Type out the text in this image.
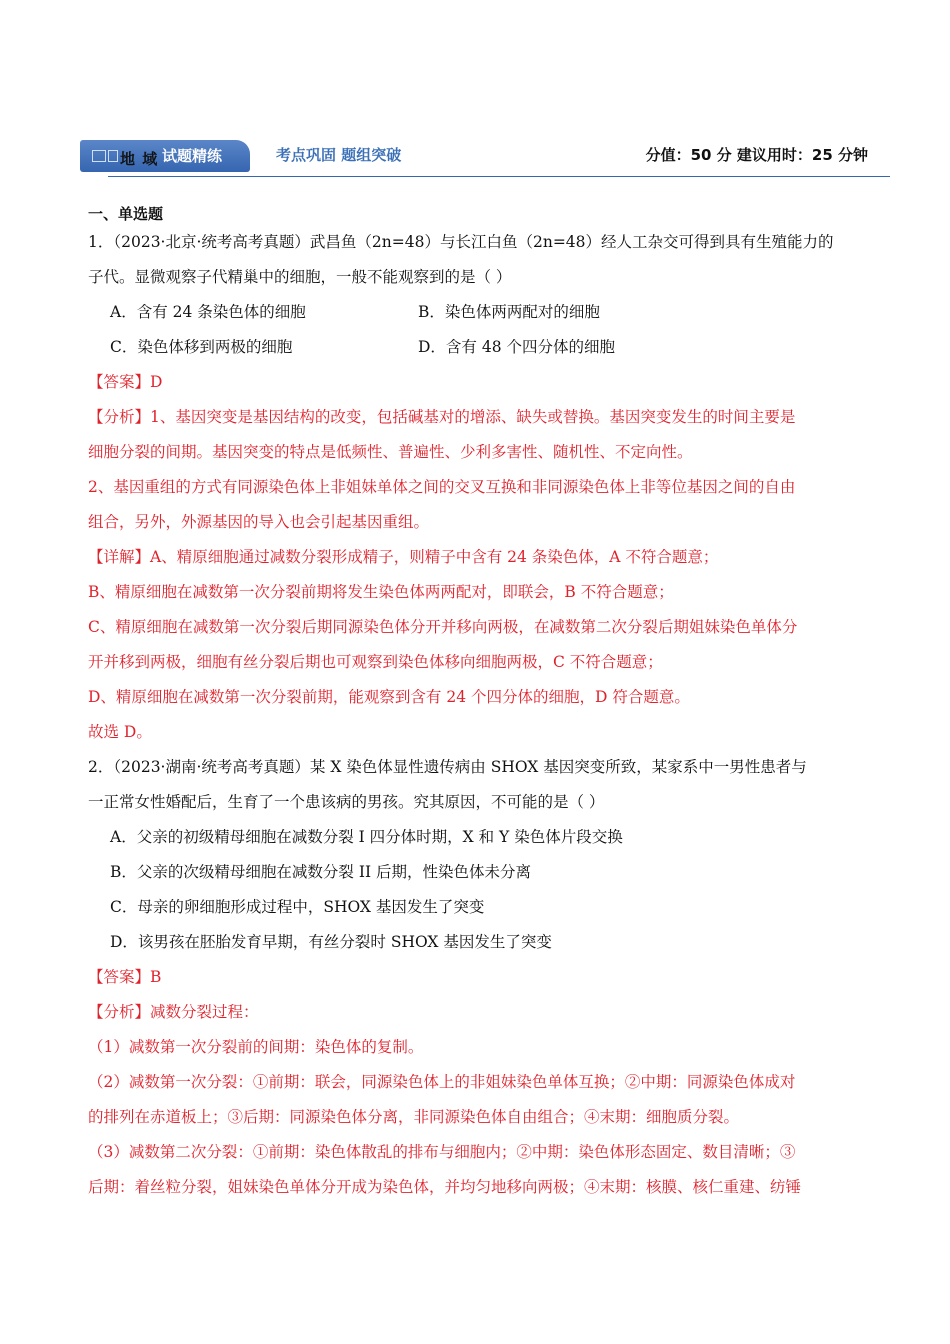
试题精练
地 域	考点巩固 题组突破	分值：50 分 建议用时：25 分钟
一、单选题
1．（2023·北京·统考高考真题）武昌鱼（2n=48）与长江白鱼（2n=48）经人工杂交可得到具有生殖能力的
子代。显微观察子代精巢中的细胞，一般不能观察到的是（ ）
A．含有 24 条染色体的细胞	B．染色体两两配对的细胞
C．染色体移到两极的细胞	D．含有 48 个四分体的细胞
【答案】D
【分析】1、基因突变是基因结构的改变，包括碱基对的增添、缺失或替换。基因突变发生的时间主要是
细胞分裂的间期。基因突变的特点是低频性、普遍性、少利多害性、随机性、不定向性。
2、基因重组的方式有同源染色体上非姐妹单体之间的交叉互换和非同源染色体上非等位基因之间的自由
组合，另外，外源基因的导入也会引起基因重组。
【详解】A、精原细胞通过减数分裂形成精子，则精子中含有 24 条染色体，A 不符合题意；
B、精原细胞在减数第一次分裂前期将发生染色体两两配对，即联会，B 不符合题意；
C、精原细胞在减数第一次分裂后期同源染色体分开并移向两极，在减数第二次分裂后期姐妹染色单体分
开并移到两极，细胞有丝分裂后期也可观察到染色体移向细胞两极，C 不符合题意；
D、精原细胞在减数第一次分裂前期，能观察到含有 24 个四分体的细胞，D 符合题意。
故选 D。
2．（2023·湖南·统考高考真题）某 X 染色体显性遗传病由 SHOX 基因突变所致，某家系中一男性患者与
一正常女性婚配后，生育了一个患该病的男孩。究其原因，不可能的是（ ）
A．父亲的初级精母细胞在减数分裂 I 四分体时期，X 和 Y 染色体片段交换
B．父亲的次级精母细胞在减数分裂 II 后期，性染色体未分离
C．母亲的卵细胞形成过程中，SHOX 基因发生了突变
D．该男孩在胚胎发育早期，有丝分裂时 SHOX 基因发生了突变
【答案】B
【分析】减数分裂过程：
（1）减数第一次分裂前的间期：染色体的复制。
（2）减数第一次分裂：①前期：联会，同源染色体上的非姐妹染色单体互换；②中期：同源染色体成对
的排列在赤道板上；③后期：同源染色体分离，非同源染色体自由组合；④末期：细胞质分裂。
（3）减数第二次分裂：①前期：染色体散乱的排布与细胞内；②中期：染色体形态固定、数目清晰；③
后期：着丝粒分裂，姐妹染色单体分开成为染色体，并均匀地移向两极；④末期：核膜、核仁重建、纺锤
